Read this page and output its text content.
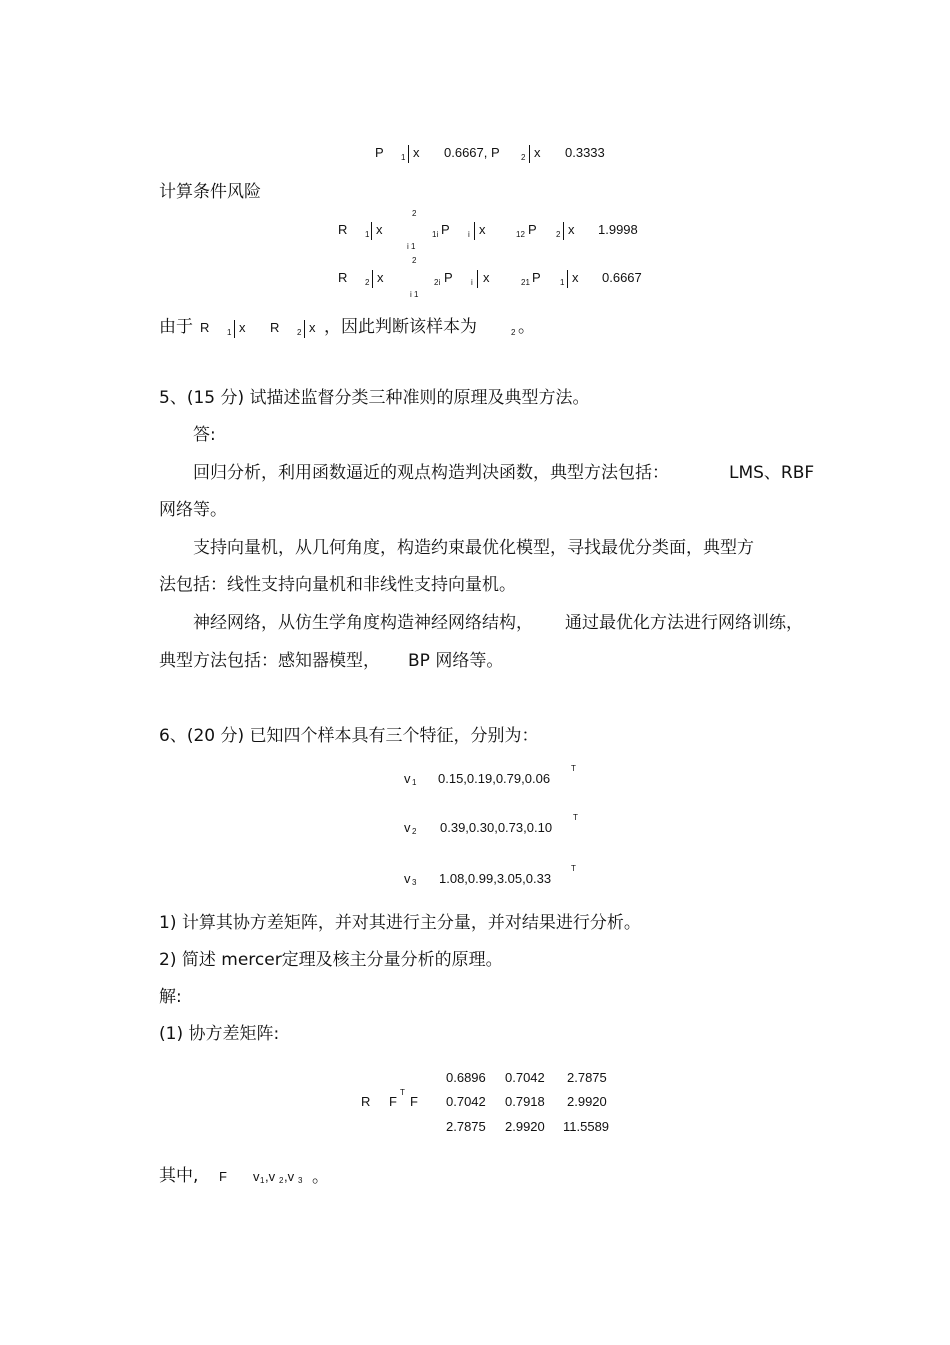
P 1 x 0.6667, P	2 x 0.3333
计算条件风险
2
R 1 x	1i P i x	12 P 2 x 1.9998
i 1
2
R 2 x	2i P i x	21 P 1 x 0.6667
i 1
由于 R 1 x R 2 x ，因此判断该样本为	2 。
5、(15 分) 试描述监督分类三种准则的原理及典型方法。
答:
回归分析，利用函数逼近的观点构造判决函数，典型方法包括：	LMS、RBF
网络等。
支持向量机，从几何角度，构造约束最优化模型，寻找最优分类面，典型方
法包括：线性支持向量机和非线性支持向量机。
神经网络，从仿生学角度构造神经网络结构， 通过最优化方法进行网络训练，
典型方法包括：感知器模型， BP 网络等。
6、(20 分) 已知四个样本具有三个特征，分别为：
v 1 0.15,0.19,0.79,0.06
T
v 2 0.39,0.30,0.73,0.10
T
v 3 1.08,0.99,3.05,0.33
T
1) 计算其协方差矩阵，并对其进行主分量，并对结果进行分析。
2) 简述 mercer定理及核主分量分析的原理。
解:
(1) 协方差矩阵:
R F
T
F
0.6896 0.7042 2.7875
0.7042 0.7918 2.9920
2.7875 2.9920 11.5589
其中, F v 1 ,v 2 ,v 3 。
